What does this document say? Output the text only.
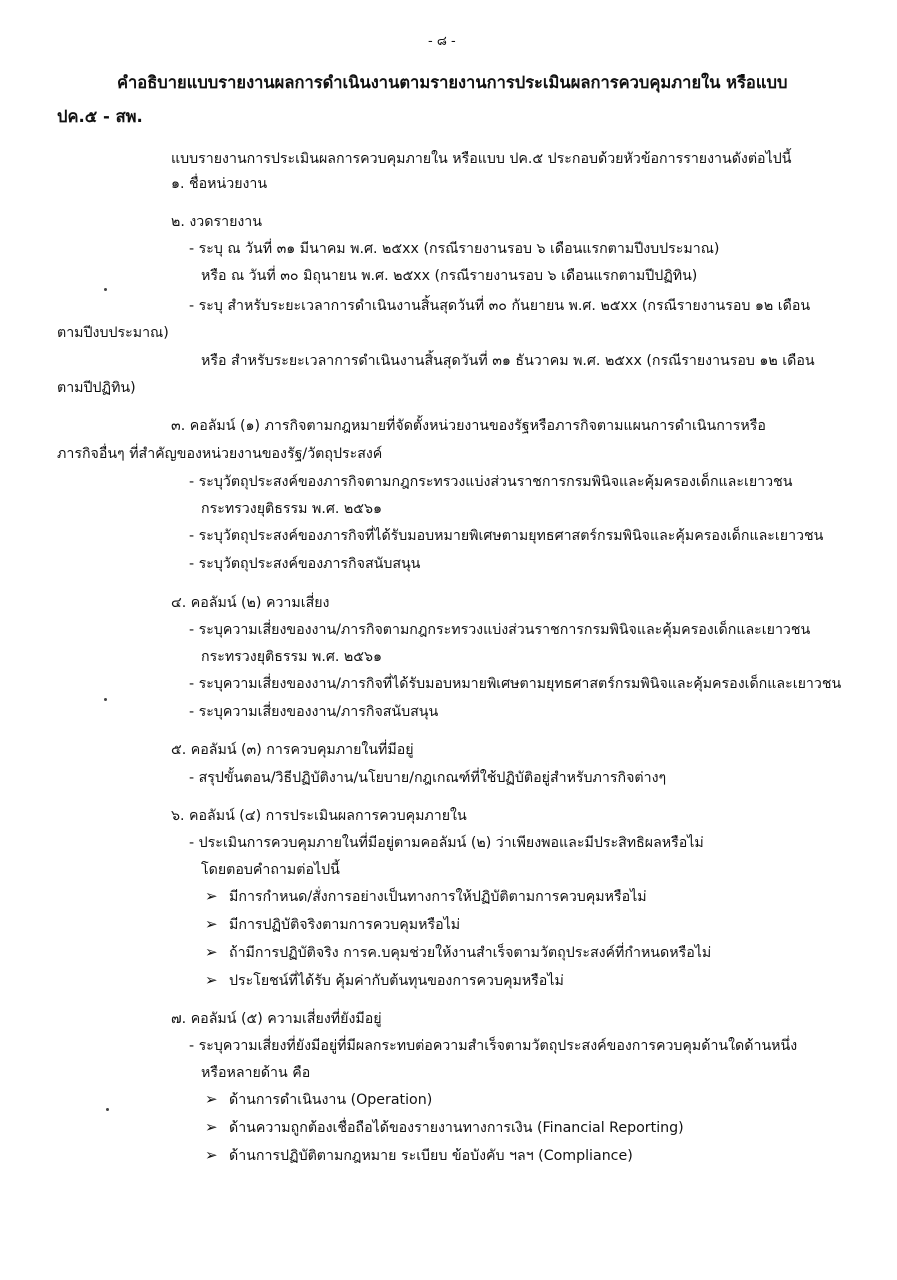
- ๘ -
คำอธิบายแบบรายงานผลการดำเนินงานตามรายงานการประเมินผลการควบคุมภายใน หรือแบบ
ปค.๕ - สพ.
แบบรายงานการประเมินผลการควบคุมภายใน หรือแบบ ปค.๕ ประกอบด้วยหัวข้อการรายงานดังต่อไปนี้
๑. ชื่อหน่วยงาน
๒. งวดรายงาน
- ระบุ ณ วันที่ ๓๑ มีนาคม พ.ศ. ๒๕xx (กรณีรายงานรอบ ๖ เดือนแรกตามปีงบประมาณ)
หรือ ณ วันที่ ๓๐ มิถุนายน พ.ศ. ๒๕xx (กรณีรายงานรอบ ๖ เดือนแรกตามปีปฏิทิน)
- ระบุ สำหรับระยะเวลาการดำเนินงานสิ้นสุดวันที่ ๓๐ กันยายน พ.ศ. ๒๕xx (กรณีรายงานรอบ ๑๒ เดือน
ตามปีงบประมาณ)
หรือ สำหรับระยะเวลาการดำเนินงานสิ้นสุดวันที่ ๓๑ ธันวาคม พ.ศ. ๒๕xx (กรณีรายงานรอบ ๑๒ เดือน
ตามปีปฏิทิน)
๓. คอลัมน์ (๑) ภารกิจตามกฎหมายที่จัดตั้งหน่วยงานของรัฐหรือภารกิจตามแผนการดำเนินการหรือ
ภารกิจอื่นๆ ที่สำคัญของหน่วยงานของรัฐ/วัตถุประสงค์
- ระบุวัตถุประสงค์ของภารกิจตามกฎกระทรวงแบ่งส่วนราชการกรมพินิจและคุ้มครองเด็กและเยาวชน
กระทรวงยุติธรรม พ.ศ. ๒๕๖๑
- ระบุวัตถุประสงค์ของภารกิจที่ได้รับมอบหมายพิเศษตามยุทธศาสตร์กรมพินิจและคุ้มครองเด็กและเยาวชน
- ระบุวัตถุประสงค์ของภารกิจสนับสนุน
๔. คอลัมน์ (๒) ความเสี่ยง
- ระบุความเสี่ยงของงาน/ภารกิจตามกฎกระทรวงแบ่งส่วนราชการกรมพินิจและคุ้มครองเด็กและเยาวชน
กระทรวงยุติธรรม พ.ศ. ๒๕๖๑
- ระบุความเสี่ยงของงาน/ภารกิจที่ได้รับมอบหมายพิเศษตามยุทธศาสตร์กรมพินิจและคุ้มครองเด็กและเยาวชน
- ระบุความเสี่ยงของงาน/ภารกิจสนับสนุน
๕. คอลัมน์ (๓) การควบคุมภายในที่มีอยู่
- สรุปขั้นตอน/วิธีปฏิบัติงาน/นโยบาย/กฎเกณฑ์ที่ใช้ปฏิบัติอยู่สำหรับภารกิจต่างๆ
๖. คอลัมน์ (๔) การประเมินผลการควบคุมภายใน
- ประเมินการควบคุมภายในที่มีอยู่ตามคอลัมน์ (๒) ว่าเพียงพอและมีประสิทธิผลหรือไม่
โดยตอบคำถามต่อไปนี้
➢ มีการกำหนด/สั่งการอย่างเป็นทางการให้ปฏิบัติตามการควบคุมหรือไม่
➢ มีการปฏิบัติจริงตามการควบคุมหรือไม่
➢ ถ้ามีการปฏิบัติจริง การค.บคุมช่วยให้งานสำเร็จตามวัตถุประสงค์ที่กำหนดหรือไม่
➢ ประโยชน์ที่ได้รับ คุ้มค่ากับต้นทุนของการควบคุมหรือไม่
๗. คอลัมน์ (๕) ความเสี่ยงที่ยังมีอยู่
- ระบุความเสี่ยงที่ยังมีอยู่ที่มีผลกระทบต่อความสำเร็จตามวัตถุประสงค์ของการควบคุมด้านใดด้านหนึ่ง
หรือหลายด้าน คือ
➢ ด้านการดำเนินงาน (Operation)
➢ ด้านความถูกต้องเชื่อถือได้ของรายงานทางการเงิน (Financial Reporting)
➢ ด้านการปฏิบัติตามกฎหมาย ระเบียบ ข้อบังคับ ฯลฯ (Compliance)
